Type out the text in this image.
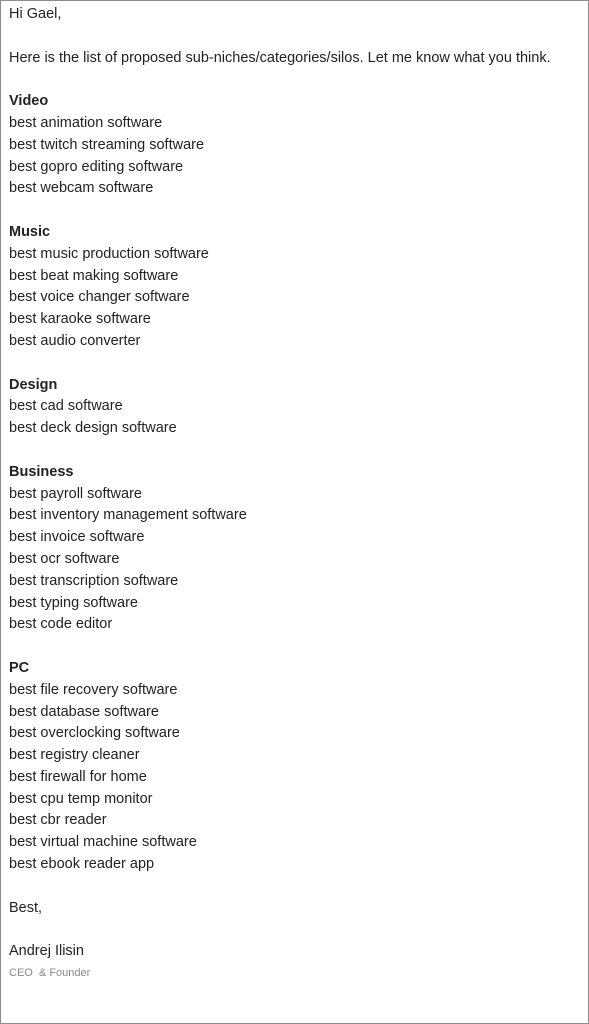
Hi Gael,
Here is the list of proposed sub-niches/categories/silos. Let me know what you think.
Video
best animation software
best twitch streaming software
best gopro editing software
best webcam software
Music
best music production software
best beat making software
best voice changer software
best karaoke software
best audio converter
Design
best cad software
best deck design software
Business
best payroll software
best inventory management software
best invoice software
best ocr software
best transcription software
best typing software
best code editor
PC
best file recovery software
best database software
best overclocking software
best registry cleaner
best firewall for home
best cpu temp monitor
best cbr reader
best virtual machine software
best ebook reader app
Best,
Andrej Ilisin
CEO  & Founder
